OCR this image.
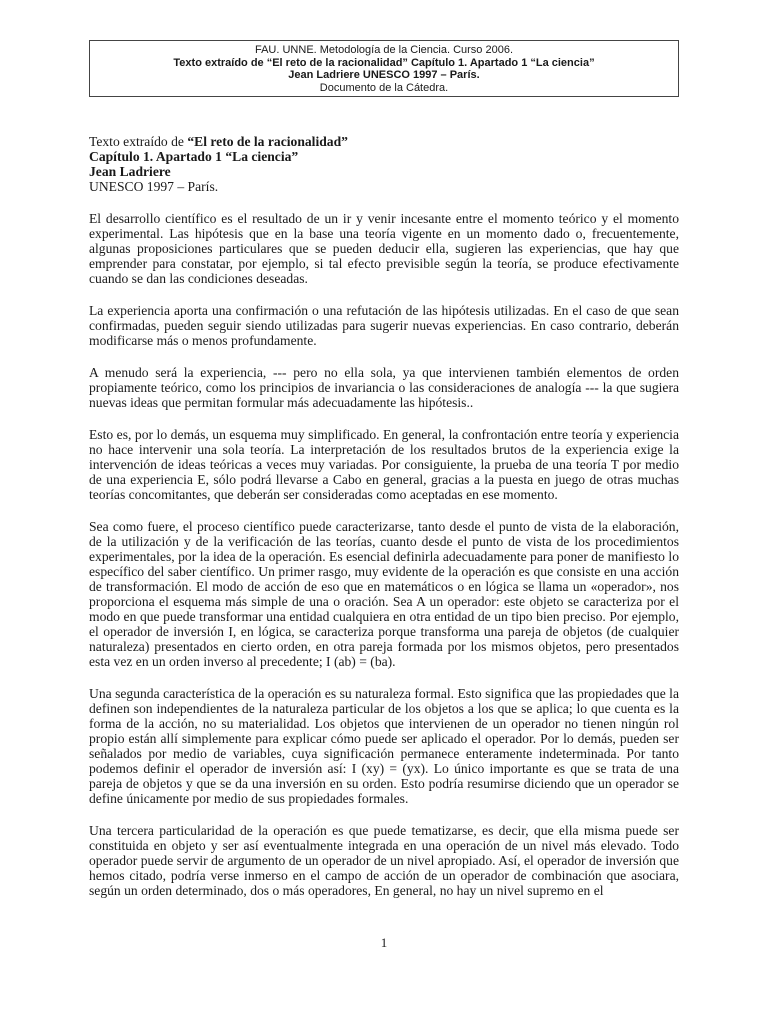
FAU. UNNE. Metodología de la Ciencia. Curso 2006.
Texto extraído de “El reto de la racionalidad” Capítulo 1. Apartado 1 “La ciencia”
Jean Ladriere UNESCO 1997 – París.
Documento de la Cátedra.
Texto extraído de “El reto de la racionalidad”
Capítulo 1. Apartado 1 “La ciencia”
Jean Ladriere
UNESCO 1997 – París.

El desarrollo científico es el resultado de un ir y venir incesante entre el momento teórico y el momento experimental. Las hipótesis que en la base una teoría vigente en un momento dado o, frecuentemente, algunas proposiciones particulares que se pueden deducir ella, sugieren las experiencias, que hay que emprender para constatar, por ejemplo, si tal efecto previsible según la teoría, se produce efectivamente cuando se dan las condiciones deseadas.

La experiencia aporta una confirmación o una refutación de las hipótesis utilizadas. En el caso de que sean confirmadas, pueden seguir siendo utilizadas para sugerir nuevas experiencias. En caso contrario, deberán modificarse más o menos profundamente.

A menudo será la experiencia, --- pero no ella sola, ya que intervienen también elementos de orden propiamente teórico, como los principios de invariancia o las consideraciones de analogía --- la que sugiera nuevas ideas que permitan formular más adecuadamente las hipótesis..

Esto es, por lo demás, un esquema muy simplificado. En general, la confrontación entre teoría y experiencia no hace intervenir una sola teoría. La interpretación de los resultados brutos de la experiencia exige la intervención de ideas teóricas a veces muy variadas. Por consiguiente, la prueba de una teoría T por medio de una experiencia E, sólo podrá llevarse a Cabo en general, gracias a la puesta en juego de otras muchas teorías concomitantes, que deberán ser consideradas como aceptadas en ese momento.

Sea como fuere, el proceso científico puede caracterizarse, tanto desde el punto de vista de la elaboración, de la utilización y de la verificación de las teorías, cuanto desde el punto de vista de los procedimientos experimentales, por la idea de la operación. Es esencial definirla adecuadamente para poner de manifiesto lo específico del saber científico. Un primer rasgo, muy evidente de la operación es que consiste en una acción de transformación. El modo de acción de eso que en matemáticos o en lógica se llama un «operador», nos proporciona el esquema más simple de una o oración. Sea A un operador: este objeto se caracteriza por el modo en que puede transformar una entidad cualquiera en otra entidad de un tipo bien preciso. Por ejemplo, el operador de inversión I, en lógica, se caracteriza porque transforma una pareja de objetos (de cualquier naturaleza) presentados en cierto orden, en otra pareja formada por los mismos objetos, pero presentados esta vez en un orden inverso al precedente; I (ab) = (ba).

Una segunda característica de la operación es su naturaleza formal. Esto significa que las propiedades que la definen son independientes de la naturaleza particular de los objetos a los que se aplica; lo que cuenta es la forma de la acción, no su materialidad. Los objetos que intervienen de un operador no tienen ningún rol propio están allí simplemente para explicar cómo puede ser aplicado el operador. Por lo demás, pueden ser señalados por medio de variables, cuya significación permanece enteramente indeterminada. Por tanto podemos definir el operador de inversión así: I (xy) = (yx). Lo único importante es que se trata de una pareja de objetos y que se da una inversión en su orden. Esto podría resumirse diciendo que un operador se define únicamente por medio de sus propiedades formales.

Una tercera particularidad de la operación es que puede tematizarse, es decir, que ella misma puede ser constituida en objeto y ser así eventualmente integrada en una operación de un nivel más elevado. Todo operador puede servir de argumento de un operador de un nivel apropiado. Así, el operador de inversión que hemos citado, podría verse inmerso en el campo de acción de un operador de combinación que asociara, según un orden determinado, dos o más operadores, En general, no hay un nivel supremo en el

1
